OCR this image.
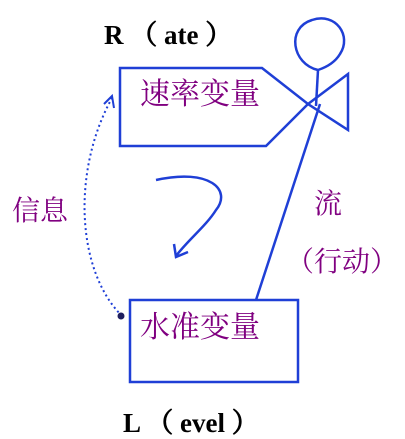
R （ ate ）
速率变量
信息	流
（行动）
水准变量
L （ evel ）
